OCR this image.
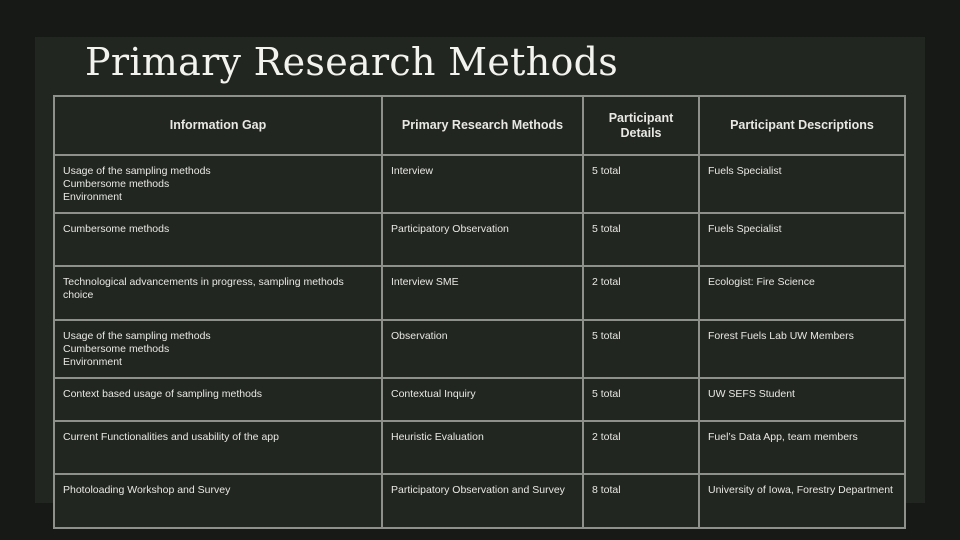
Primary Research Methods
Information Gap	Primary Research Methods	Participant Details	Participant Descriptions

Usage of the sampling methods
Cumbersome methods
Environment	Interview	5 total	Fuels Specialist

Cumbersome methods	Participatory Observation	5 total	Fuels Specialist

Technological advancements in progress, sampling methods choice	Interview SME	2 total	Ecologist: Fire Science

Usage of the sampling methods
Cumbersome methods
Environment	Observation	5 total	Forest Fuels Lab UW Members

Context based usage of sampling methods	Contextual Inquiry	5 total	UW SEFS Student

Current Functionalities and usability of the app	Heuristic Evaluation	2 total	Fuel’s Data App, team members

Photoloading Workshop and Survey	Participatory Observation and Survey	8 total	University of Iowa, Forestry Department
